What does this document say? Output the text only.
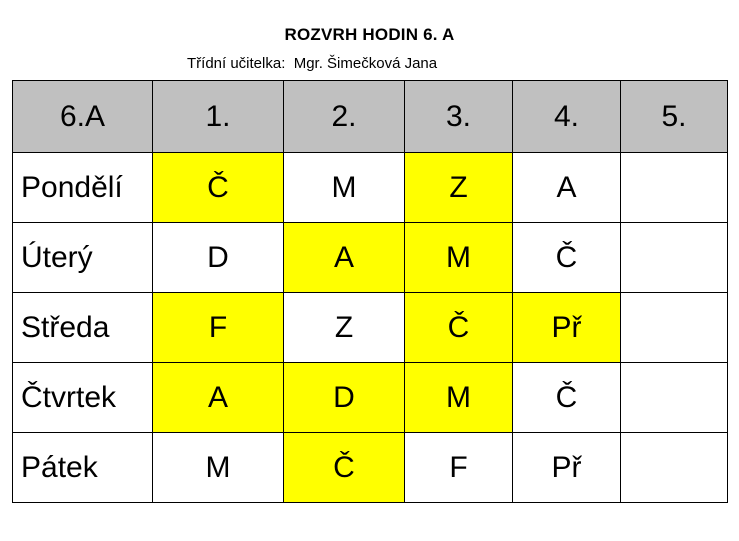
ROZVRH HODIN 6. A
Třídní učitelka:  Mgr. Šimečková Jana
6.A	1.	2.	3.	4.	5.
Pondělí	Č	M	Z	A	
Úterý	D	A	M	Č	
Středa	F	Z	Č	Př	
Čtvrtek	A	D	M	Č	
Pátek	M	Č	F	Př	
